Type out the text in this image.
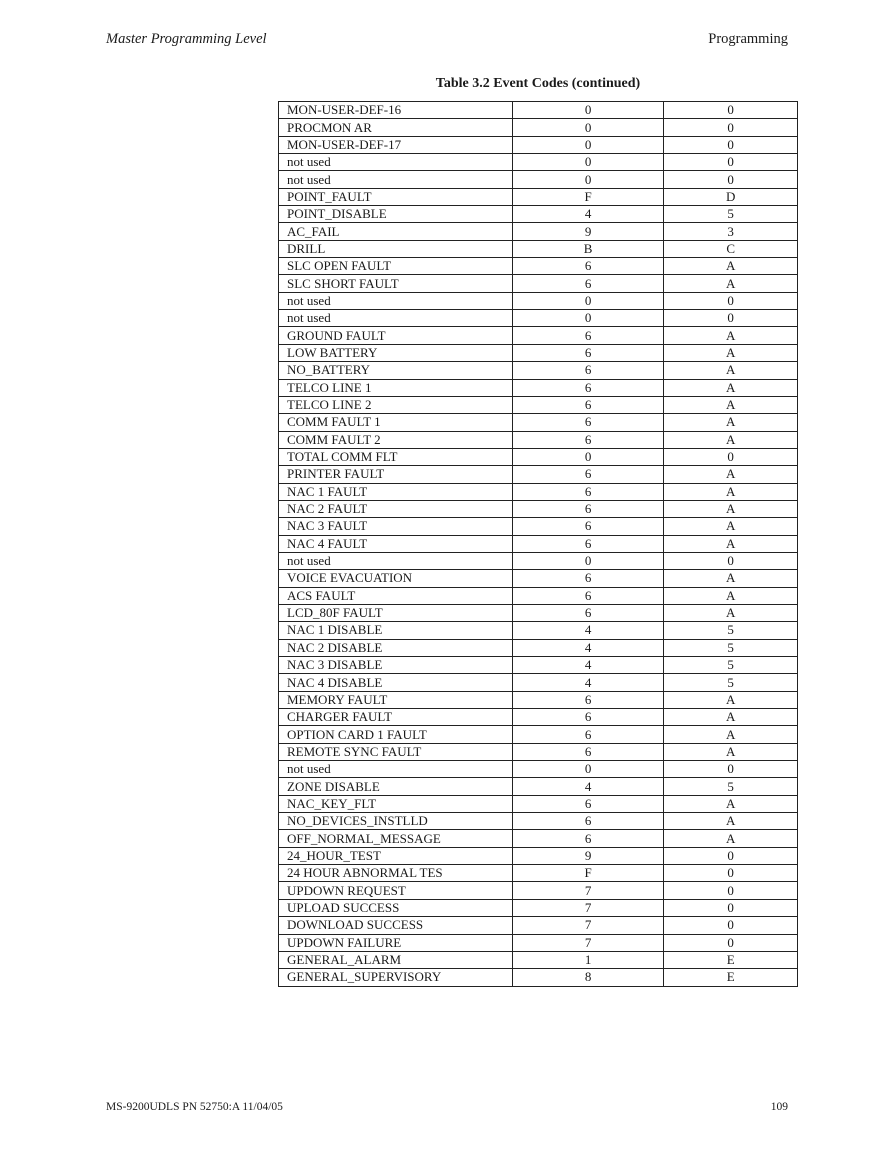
Master Programming Level	Programming
Table 3.2 Event Codes (continued)
MON-USER-DEF-16	0	0
PROCMON AR	0	0
MON-USER-DEF-17	0	0
not used	0	0
not used	0	0
POINT_FAULT	F	D
POINT_DISABLE	4	5
AC_FAIL	9	3
DRILL	B	C
SLC OPEN FAULT	6	A
SLC SHORT FAULT	6	A
not used	0	0
not used	0	0
GROUND FAULT	6	A
LOW BATTERY	6	A
NO_BATTERY	6	A
TELCO LINE 1	6	A
TELCO LINE 2	6	A
COMM FAULT 1	6	A
COMM FAULT 2	6	A
TOTAL COMM FLT	0	0
PRINTER FAULT	6	A
NAC 1 FAULT	6	A
NAC 2 FAULT	6	A
NAC 3 FAULT	6	A
NAC 4 FAULT	6	A
not used	0	0
VOICE EVACUATION	6	A
ACS FAULT	6	A
LCD_80F FAULT	6	A
NAC 1 DISABLE	4	5
NAC 2 DISABLE	4	5
NAC 3 DISABLE	4	5
NAC 4 DISABLE	4	5
MEMORY FAULT	6	A
CHARGER FAULT	6	A
OPTION CARD 1 FAULT	6	A
REMOTE SYNC FAULT	6	A
not used	0	0
ZONE DISABLE	4	5
NAC_KEY_FLT	6	A
NO_DEVICES_INSTLLD	6	A
OFF_NORMAL_MESSAGE	6	A
24_HOUR_TEST	9	0
24 HOUR ABNORMAL TES	F	0
UPDOWN REQUEST	7	0
UPLOAD SUCCESS	7	0
DOWNLOAD SUCCESS	7	0
UPDOWN FAILURE	7	0
GENERAL_ALARM	1	E
GENERAL_SUPERVISORY	8	E
MS-9200UDLS PN 52750:A 11/04/05	109
